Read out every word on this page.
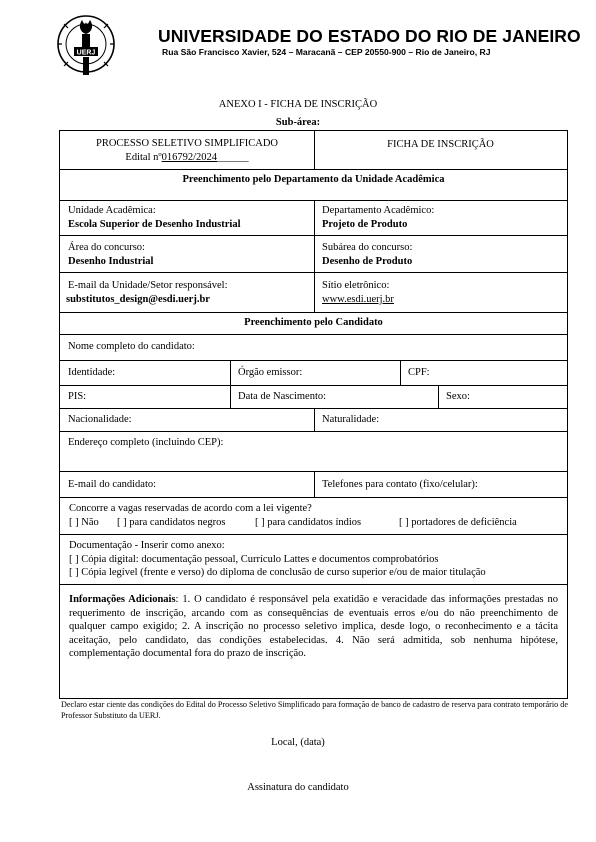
UERJ
UNIVERSIDADE DO ESTADO DO RIO DE JANEIRO
Rua São Francisco Xavier, 524 – Maracanã – CEP 20550-900 – Rio de Janeiro, RJ
ANEXO I - FICHA DE INSCRIÇÃO
Sub-área:
PROCESSO SELETIVO SIMPLIFICADO
Edital nº016792/2024______
FICHA DE INSCRIÇÃO
Preenchimento pelo Departamento da Unidade Acadêmica
Unidade Acadêmica:
Escola Superior de Desenho Industrial
Departamento Acadêmico:
Projeto de Produto
Área do concurso:
Desenho Industrial
Subárea do concurso:
Desenho de Produto
E-mail da Unidade/Setor responsável:
substitutos_design@esdi.uerj.br
Sítio eletrônico:
www.esdi.uerj.br
Preenchimento pelo Candidato
Nome completo do candidato:
Identidade:	Órgão emissor:	CPF:
PIS:	Data de Nascimento:	Sexo:
Nacionalidade:	Naturalidade:
Endereço completo (incluindo CEP):
E-mail do candidato:	Telefones para contato (fixo/celular):
Concorre a vagas reservadas de acordo com a lei vigente?
[ ] Não [ ] para candidatos negros	[ ] para candidatos índios	[ ] portadores de deficiência
Documentação - Inserir como anexo:
[ ] Cópia digital: documentação pessoal, Currículo Lattes e documentos comprobatórios
[ ] Cópia legível (frente e verso) do diploma de conclusão de curso superior e/ou de maior titulação
Informações Adicionais: 1. O candidato é responsável pela exatidão e veracidade das informações prestadas no requerimento de inscrição, arcando com as consequências de eventuais erros e/ou do não preenchimento de qualquer campo exigido; 2. A inscrição no processo seletivo implica, desde logo, o reconhecimento e a tácita aceitação, pelo candidato, das condições estabelecidas. 4. Não será admitida, sob nenhuma hipótese, complementação documental fora do prazo de inscrição.
Declaro estar ciente das condições do Edital do Processo Seletivo Simplificado para formação de banco de cadastro de reserva para contrato temporário de Professor Substituto da UERJ.
Local, (data)
Assinatura do candidato
